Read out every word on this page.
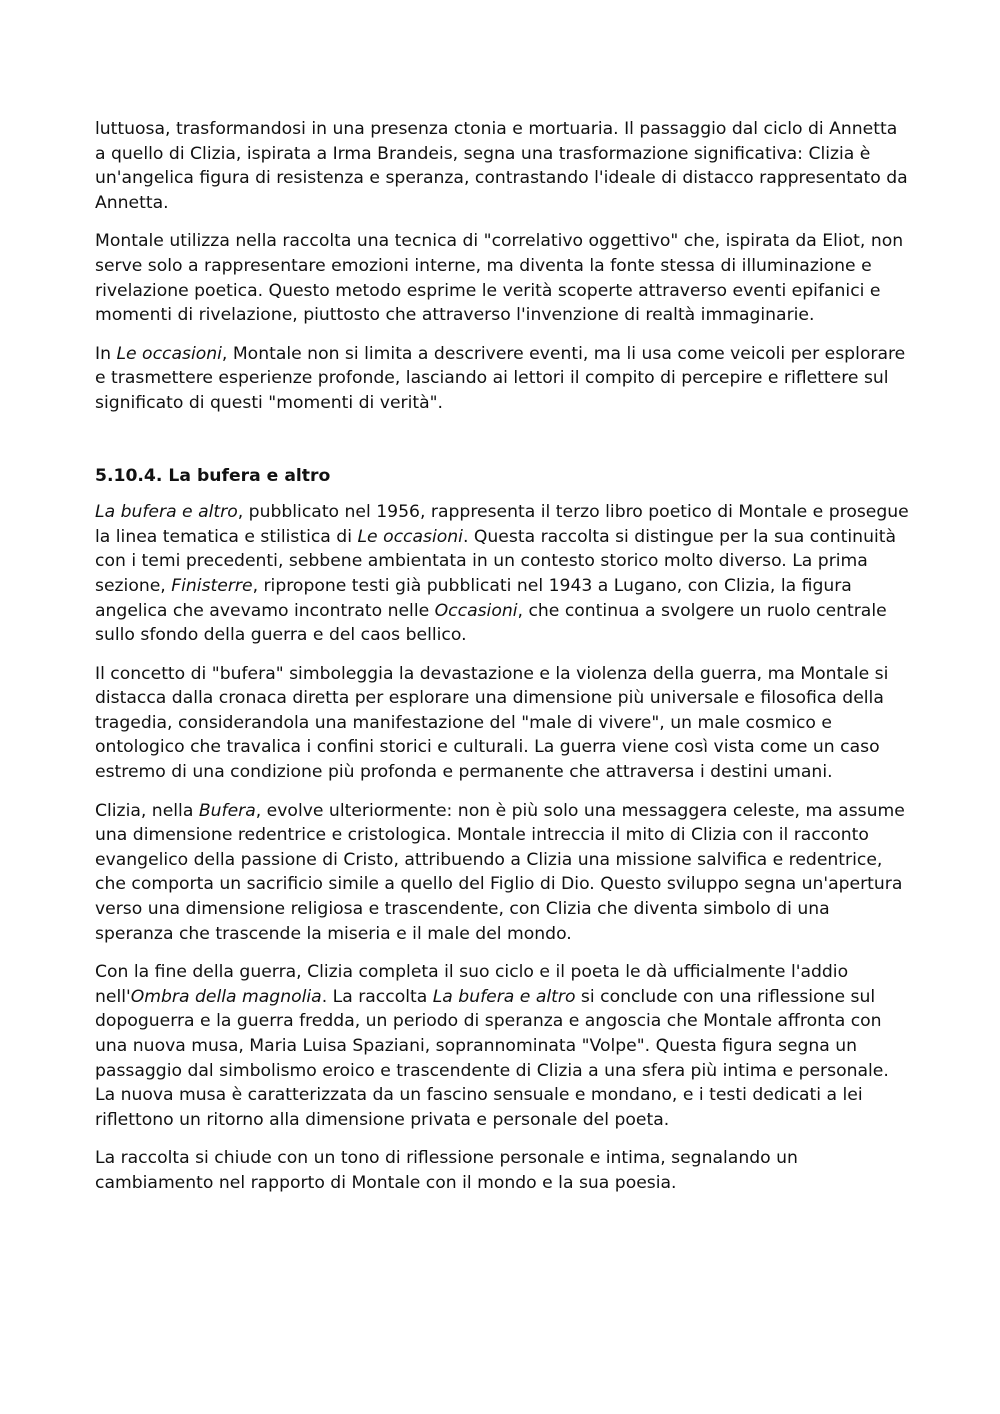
luttuosa, trasformandosi in una presenza ctonia e mortuaria. Il passaggio dal ciclo di Annetta a quello di Clizia, ispirata a Irma Brandeis, segna una trasformazione significativa: Clizia è un'angelica figura di resistenza e speranza, contrastando l'ideale di distacco rappresentato da Annetta.

Montale utilizza nella raccolta una tecnica di "correlativo oggettivo" che, ispirata da Eliot, non serve solo a rappresentare emozioni interne, ma diventa la fonte stessa di illuminazione e rivelazione poetica. Questo metodo esprime le verità scoperte attraverso eventi epifanici e momenti di rivelazione, piuttosto che attraverso l'invenzione di realtà immaginarie.

In Le occasioni, Montale non si limita a descrivere eventi, ma li usa come veicoli per esplorare e trasmettere esperienze profonde, lasciando ai lettori il compito di percepire e riflettere sul significato di questi "momenti di verità".

5.10.4. La bufera e altro

La bufera e altro, pubblicato nel 1956, rappresenta il terzo libro poetico di Montale e prosegue la linea tematica e stilistica di Le occasioni. Questa raccolta si distingue per la sua continuità con i temi precedenti, sebbene ambientata in un contesto storico molto diverso. La prima sezione, Finisterre, ripropone testi già pubblicati nel 1943 a Lugano, con Clizia, la figura angelica che avevamo incontrato nelle Occasioni, che continua a svolgere un ruolo centrale sullo sfondo della guerra e del caos bellico.

Il concetto di "bufera" simboleggia la devastazione e la violenza della guerra, ma Montale si distacca dalla cronaca diretta per esplorare una dimensione più universale e filosofica della tragedia, considerandola una manifestazione del "male di vivere", un male cosmico e ontologico che travalica i confini storici e culturali. La guerra viene così vista come un caso estremo di una condizione più profonda e permanente che attraversa i destini umani.

Clizia, nella Bufera, evolve ulteriormente: non è più solo una messaggera celeste, ma assume una dimensione redentrice e cristologica. Montale intreccia il mito di Clizia con il racconto evangelico della passione di Cristo, attribuendo a Clizia una missione salvifica e redentrice, che comporta un sacrificio simile a quello del Figlio di Dio. Questo sviluppo segna un'apertura verso una dimensione religiosa e trascendente, con Clizia che diventa simbolo di una speranza che trascende la miseria e il male del mondo.

Con la fine della guerra, Clizia completa il suo ciclo e il poeta le dà ufficialmente l'addio nell'Ombra della magnolia. La raccolta La bufera e altro si conclude con una riflessione sul dopoguerra e la guerra fredda, un periodo di speranza e angoscia che Montale affronta con una nuova musa, Maria Luisa Spaziani, soprannominata "Volpe". Questa figura segna un passaggio dal simbolismo eroico e trascendente di Clizia a una sfera più intima e personale. La nuova musa è caratterizzata da un fascino sensuale e mondano, e i testi dedicati a lei riflettono un ritorno alla dimensione privata e personale del poeta.

La raccolta si chiude con un tono di riflessione personale e intima, segnalando un cambiamento nel rapporto di Montale con il mondo e la sua poesia.
